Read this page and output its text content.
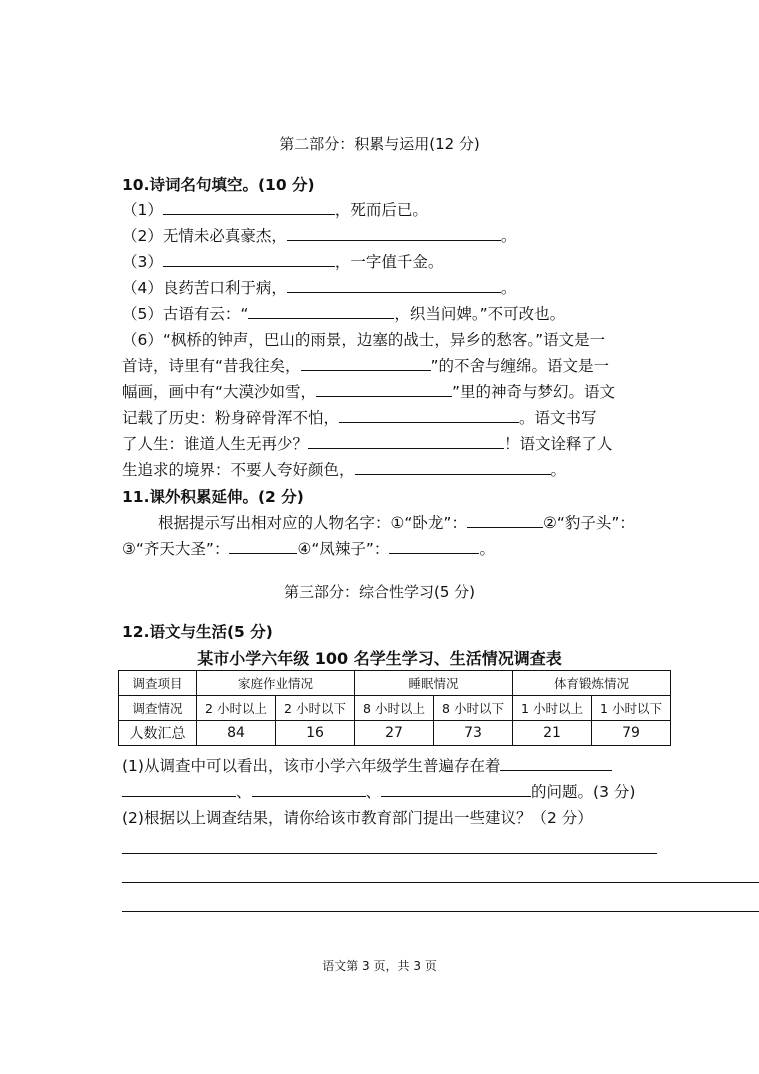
第二部分：积累与运用(12 分)
10.诗词名句填空。(10 分)
（1）	，死而后已。
（2）无情未必真豪杰，	。
（3）	，一字值千金。
（4）良药苦口利于病，	。
（5）古语有云：“	，织当问婢。”不可改也。
（6）“枫桥的钟声，巴山的雨景，边塞的战士，异乡的愁客。”语文是一
首诗，诗里有“昔我往矣，	”的不舍与缠绵。语文是一
幅画，画中有“大漠沙如雪，	”里的神奇与梦幻。语文
记载了历史：粉身碎骨浑不怕，	。语文书写
了人生：谁道人生无再少？	！语文诠释了人
生追求的境界：不要人夸好颜色，	。
11.课外积累延伸。(2 分)
根据提示写出相对应的人物名字：①“卧龙”：	②“豹子头”：
③“齐天大圣”：	④“凤辣子”：	。
第三部分：综合性学习(5 分)
12.语文与生活(5 分)
某市小学六年级 100 名学生学习、生活情况调查表
调查项目	家庭作业情况		睡眠情况		体育锻炼情况	
调查情况	2 小时以上	2 小时以下	8 小时以上	8 小时以下	1 小时以上	1 小时以下
人数汇总	84	16	27	73	21	79
(1)从调查中可以看出，该市小学六年级学生普遍存在着
、	、	的问题。(3 分)
(2)根据以上调查结果，请你给该市教育部门提出一些建议？（2 分）
语文第 3 页，共 3 页
